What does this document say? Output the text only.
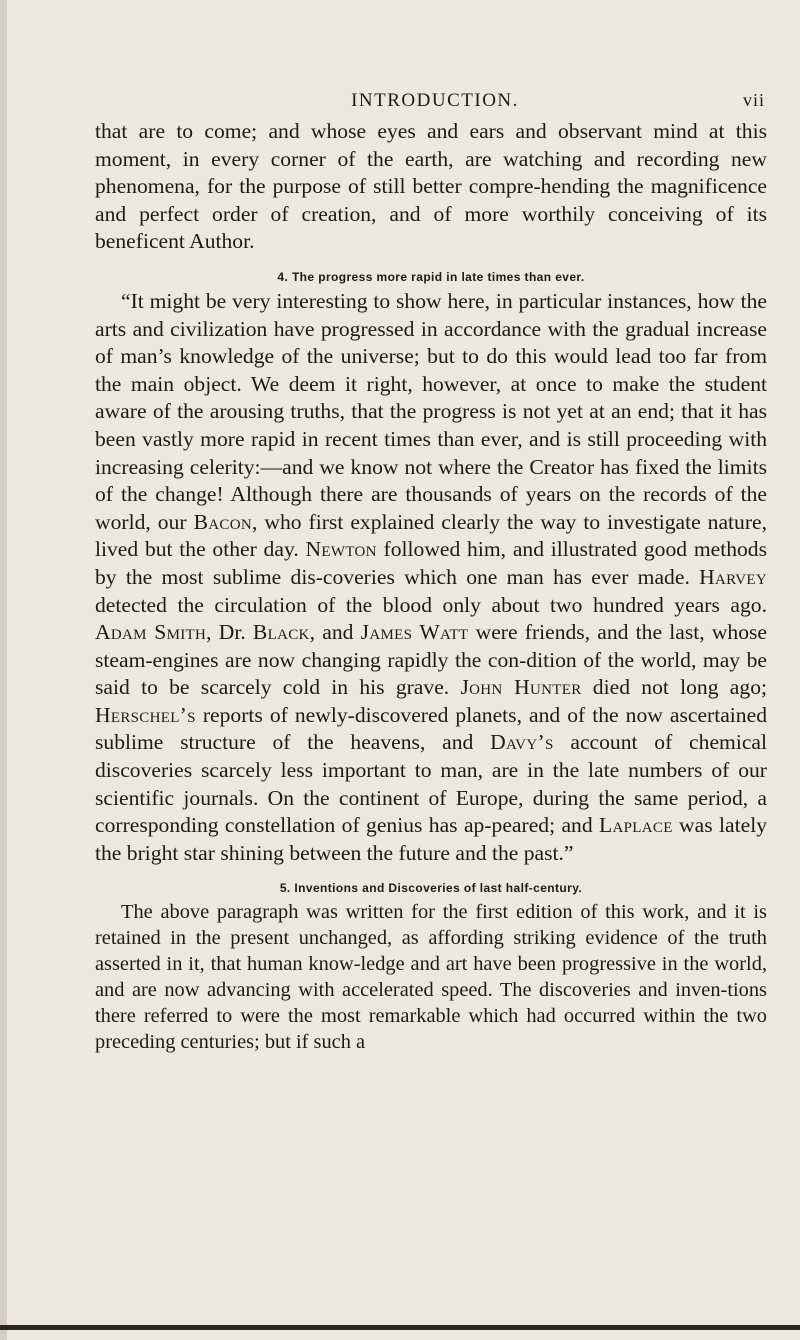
INTRODUCTION.	vii

that are to come; and whose eyes and ears and observant mind at this moment, in every corner of the earth, are watching and recording new phenomena, for the purpose of still better compre-hending the magnificence and perfect order of creation, and of more worthily conceiving of its beneficent Author.

4. The progress more rapid in late times than ever.

“It might be very interesting to show here, in particular instances, how the arts and civilization have progressed in accordance with the gradual increase of man’s knowledge of the universe; but to do this would lead too far from the main object. We deem it right, however, at once to make the student aware of the arousing truths, that the progress is not yet at an end; that it has been vastly more rapid in recent times than ever, and is still proceeding with increasing celerity:—and we know not where the Creator has fixed the limits of the change! Although there are thousands of years on the records of the world, our Bacon, who first explained clearly the way to investigate nature, lived but the other day. Newton followed him, and illustrated good methods by the most sublime dis-coveries which one man has ever made. Harvey detected the circulation of the blood only about two hundred years ago. Adam Smith, Dr. Black, and James Watt were friends, and the last, whose steam-engines are now changing rapidly the con-dition of the world, may be said to be scarcely cold in his grave. John Hunter died not long ago; Herschel’s reports of newly-discovered planets, and of the now ascertained sublime structure of the heavens, and Davy’s account of chemical discoveries scarcely less important to man, are in the late numbers of our scientific journals. On the continent of Europe, during the same period, a corresponding constellation of genius has ap-peared; and Laplace was lately the bright star shining between the future and the past.”

5. Inventions and Discoveries of last half-century.

The above paragraph was written for the first edition of this work, and it is retained in the present unchanged, as affording striking evidence of the truth asserted in it, that human know-ledge and art have been progressive in the world, and are now advancing with accelerated speed. The discoveries and inven-tions there referred to were the most remarkable which had occurred within the two preceding centuries; but if such a
